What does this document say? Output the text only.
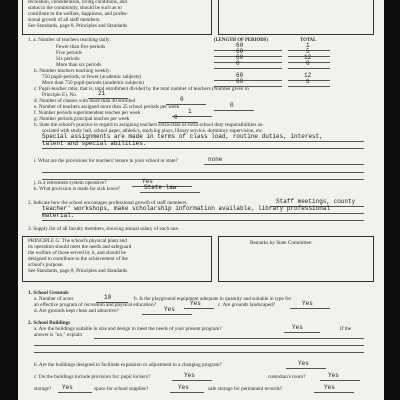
recreation, consideration, living conditions, and
status in the community, should be such as to
contribute to the welfare, happiness, and profes-
sional growth of all staff members.
See Standards, page 8, Principles and Standards
1. a. Number of teachers teaching daily:	(LENGTH OF PERIODS)	TOTAL
Fewer than five periods	60	1
Five periods	60	5
Six periods	60	12
More than six periods	0	0
b. Number teachers teaching weekly:
750 pupil-periods, or fewer (academic subjects)	60	12
More than 750 pupil-periods (academic subjects)	60	6
c. Pupil-teacher ratio, that is, total enrollment divided by the total number of teachers (Number given in
Principle E). No.	21
d. Number of classes with more than 40 enrolled	0
e. Number of teachers assigned more than 25 school periods per week	0
f. Number periods superintendent teaches per week	1
g. Number periods principal teaches per week	0
h. State the school's practice in regard to assigning teachers extra-class or extra-school duty responsibilities as-
sociated with study hall, school paper, athletics, studying plays, library service, dormitory supervision, etc.
Special assignments are made in terms of class load, routine duties, interest,
talent and special abilities.
i. What are the provisions for teachers' tenure in your school or state?	none
j. Is a retirement system operative?	Yes
k. What provision is made for sick leave?	State law
2. Indicate how the school encourages professional growth of staff members.	Staff meetings, county
teacher' workshops, make scholarship information available, library professional
material.
3. Supply list of all faculty members, showing annual salary of each one.
PRINCIPLE G: The school's physical plant and
its operation should meet the needs and safeguard
the welfare of those served by it, and should be
designed to contribute to the achievement of the
school's purpose.
See Standards, page 8, Principles and Standards
Remarks by State Committee:
1. School Grounds
a. Number of acres	10	b. Is the playground equipment adequate in quantity and suitable in type for
an effective program of recreation and physical education?	Yes	c. Are grounds landscaped?	Yes
d. Are grounds kept clean and attractive?	Yes
2. School Buildings
a. Are the buildings suitable in size and design to meet the needs of your present program?	Yes	If the
answer is "no," explain
b. Are the buildings designed to facilitate expansion or adjustment to a changing program?	Yes
c. Do the buildings include provision for: pupil lockers?	Yes	custodian's room?	Yes
storage? Yes	space for school supplies?	Yes	safe storage for permanent records?	Yes
